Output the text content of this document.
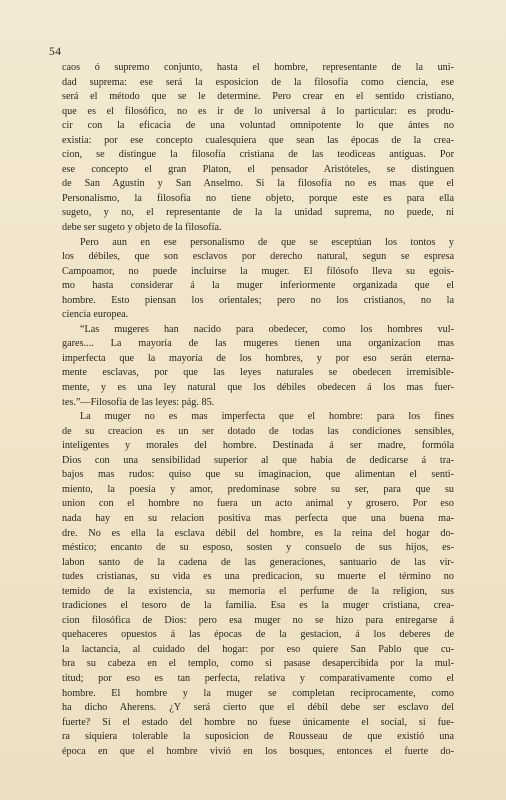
54
caos ó supremo conjunto, hasta el hombre, representante de la uni-
dad suprema: ese será la esposicion de la filosofía como ciencia, ese
será el método que se le determine. Pero crear en el sentido cristiano,
que es el filosófico, no es ir de lo universal á lo particular: es produ-
cir con la eficacia de una voluntad omnipotente lo que ántes no
existia: por ese concepto cualesquiera que sean las épocas de la crea-
cion, se distingue la filosofía cristiana de las teodiceas antiguas. Por
ese concepto el gran Platon, el pensador Aristóteles, se distinguen
de San Agustin y San Anselmo. Si la filosofía no es mas que el
Personalismo, la filosofía no tiene objeto, porque este es para ella
sugeto, y no, el representante de la la unidad suprema, no puede, ni
debe ser sugeto y objeto de la filosofía.
Pero aun en ese personalismo de que se esceptúan los tontos y
los débiles, que son esclavos por derecho natural, segun se espresa
Campoamor, no puede incluirse la muger. El filósofo lleva su egois-
mo hasta considerar á la muger inferiormente organizada que el
hombre. Esto piensan los orientales; pero no los cristianos, no la
ciencia europea.
“Las mugeres han nacido para obedecer, como los hombres vul-
gares.... La mayoría de las mugeres tienen una organizacion mas
imperfecta que la mayoría de los hombres, y por eso serán eterna-
mente esclavas, por que las leyes naturales se obedecen irremisible-
mente, y es una ley natural que los débiles obedecen á los mas fuer-
tes.”—Filosofía de las leyes: pág. 85.
La muger no es mas imperfecta que el hombre: para los fines
de su creacion es un ser dotado de todas las condiciones sensibles,
inteligentes y morales del hombre. Destinada á ser madre, formóla
Dios con una sensibilidad superior al que habia de dedicarse á tra-
bajos mas rudos: quiso que su imaginacion, que alimentan el senti-
miento, la poesía y amor, predominase sobre su ser, para que su
union con el hombre no fuera un acto animal y grosero. Por eso
nada hay en su relacion positiva mas perfecta que una buena ma-
dre. No es ella la esclava débil del hombre, es la reina del hogar do-
méstico; encanto de su esposo, sosten y consuelo de sus hijos, es-
labon santo de la cadena de las generaciones, santuario de las vir-
tudes cristianas, su vida es una predicacion, su muerte el término no
temido de la existencia, su memoria el perfume de la religion, sus
tradiciones el tesoro de la familia. Esa es la muger cristiana, crea-
cion filosófica de Dios: pero esa muger no se hizo para entregarse á
quehaceres opuestos á las épocas de la gestacion, á los deberes de
la lactancia, al cuidado del hogar: por eso quiere San Pablo que cu-
bra su cabeza en el templo, como si pasase desapercibida por la mul-
titud; por eso es tan perfecta, relativa y comparativamente como el
hombre. El hombre y la muger se completan recíprocamente, como
ha dicho Aherens. ¿Y será cierto que el débil debe ser esclavo del
fuerte? Si el estado del hombre no fuese únicamente el social, si fue-
ra siquiera tolerable la suposicion de Rousseau de que existió una
época en que el hombre vivió en los bosques, entonces el fuerte do-
